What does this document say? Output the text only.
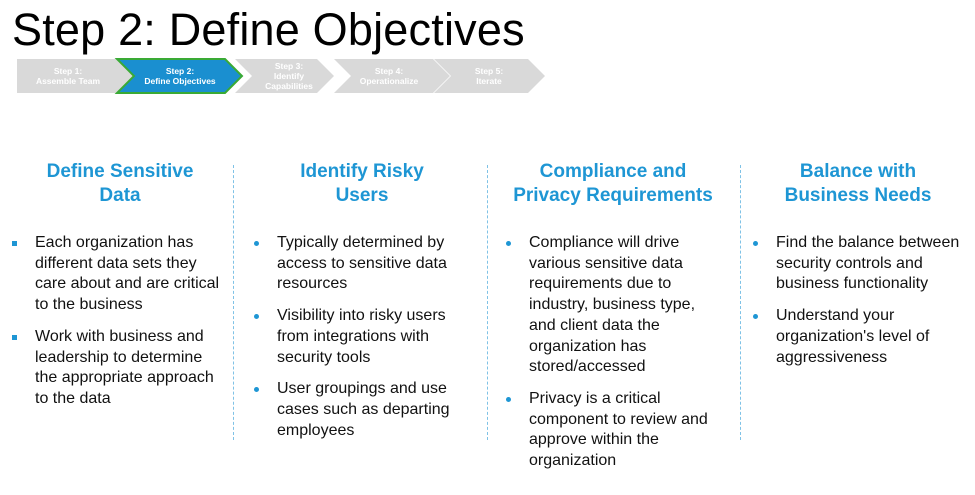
Step 2: Define Objectives
Step 1:
Assemble Team
Step 4:
Operationalize
Step 5:
Iterate
Step 3:
Identify
Capabilities
Step 2:
Define Objectives
Define Sensitive
Data
Each organization has different data sets they care about and are critical to the business
Work with business and leadership to determine the appropriate approach to the data
Identify Risky
Users
Typically determined by access to sensitive data resources
Visibility into risky users from integrations with security tools
User groupings and use cases such as departing employees
Compliance and
Privacy Requirements
Compliance will drive various sensitive data requirements due to industry, business type, and client data the organization has stored/accessed
Privacy is a critical component to review and approve within the organization
Balance with
Business Needs
Find the balance between security controls and business functionality
Understand your organization's level of aggressiveness
